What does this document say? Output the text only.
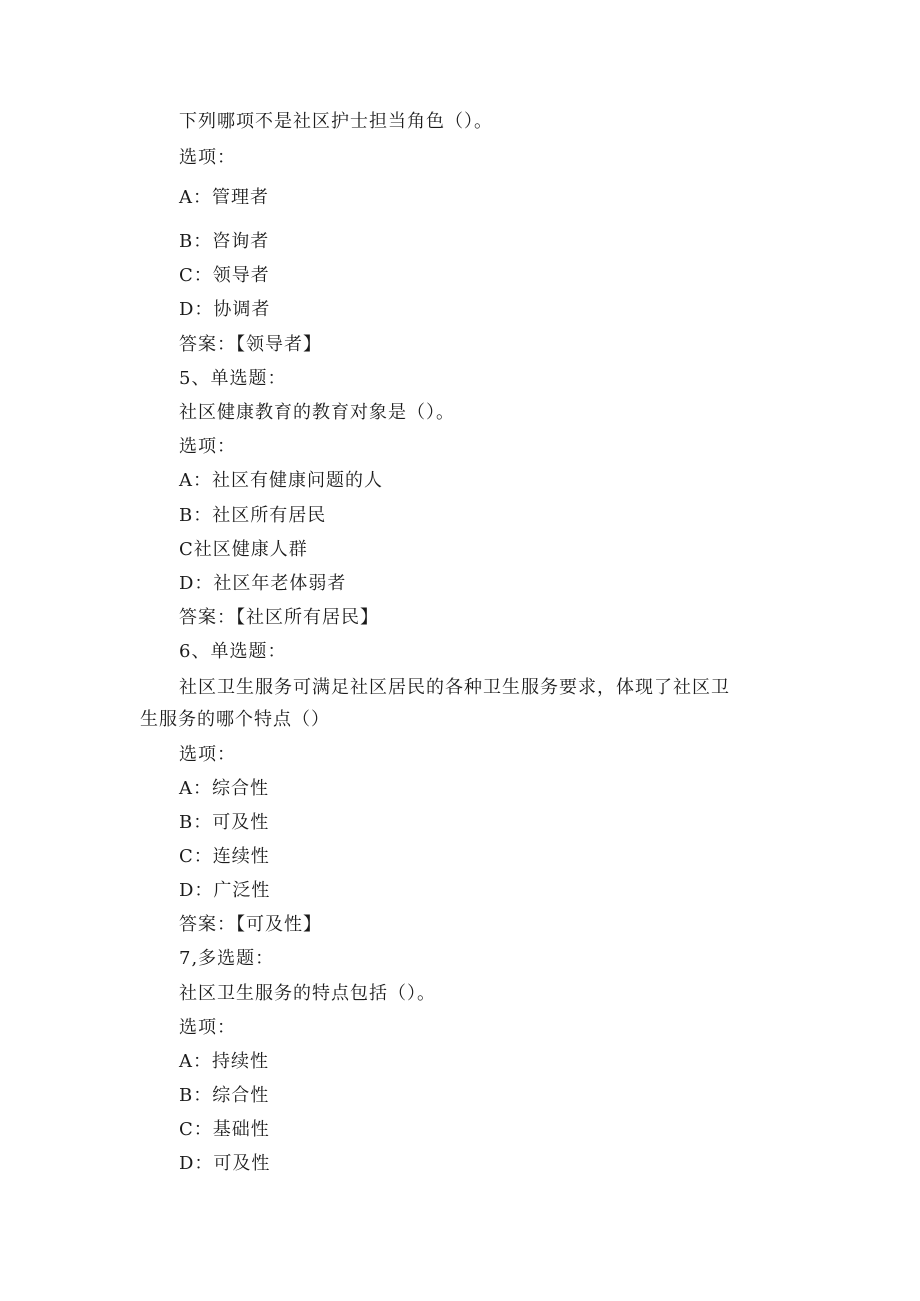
下列哪项不是社区护士担当角色（）。
选项：
A：管理者
B：咨询者
C：领导者
D：协调者
答案：【领导者】
5、单选题：
社区健康教育的教育对象是（）。
选项：
A：社区有健康问题的人
B：社区所有居民
C社区健康人群
D：社区年老体弱者
答案：【社区所有居民】
6、单选题：
社区卫生服务可满足社区居民的各种卫生服务要求，体现了社区卫
生服务的哪个特点（）
选项：
A：综合性
B：可及性
C：连续性
D：广泛性
答案：【可及性】
7,多选题：
社区卫生服务的特点包括（）。
选项：
A：持续性
B：综合性
C：基础性
D：可及性
